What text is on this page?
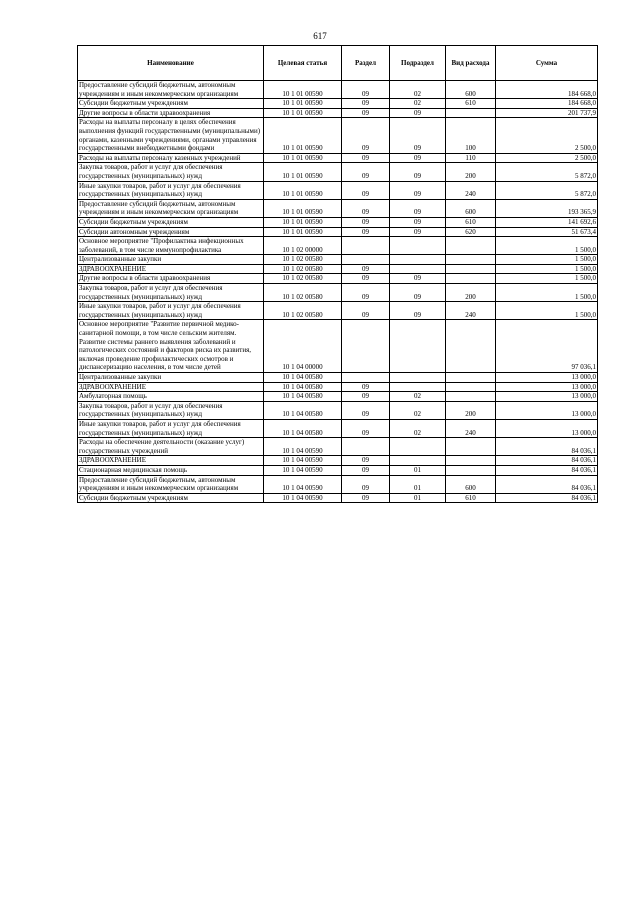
617
Наименование	Целевая статья	Раздел	Подраздел	Вид расхода	Сумма
Предоставление субсидий бюджетным, автономным учреждениям и иным некоммерческим организациям	10 1 01 00590	09	02	600	184 668,0
Субсидии бюджетным учреждениям	10 1 01 00590	09	02	610	184 668,0
Другие вопросы в области здравоохранения	10 1 01 00590	09	09		201 737,9
Расходы на выплаты персоналу в целях обеспечения выполнения функций государственными (муниципальными) органами, казенными учреждениями, органами управления государственными внебюджетными фондами	10 1 01 00590	09	09	100	2 500,0
Расходы на выплаты персоналу казенных учреждений	10 1 01 00590	09	09	110	2 500,0
Закупка товаров, работ и услуг для обеспечения государственных (муниципальных) нужд	10 1 01 00590	09	09	200	5 872,0
Иные закупки товаров, работ и услуг для обеспечения государственных (муниципальных) нужд	10 1 01 00590	09	09	240	5 872,0
Предоставление субсидий бюджетным, автономным учреждениям и иным некоммерческим организациям	10 1 01 00590	09	09	600	193 365,9
Субсидии бюджетным учреждениям	10 1 01 00590	09	09	610	141 692,6
Субсидии автономным учреждениям	10 1 01 00590	09	09	620	51 673,4
Основное мероприятие "Профилактика инфекционных заболеваний, в том числе иммунопрофилактика	10 1 02 00000				1 500,0
Централизованные закупки	10 1 02 00580				1 500,0
ЗДРАВООХРАНЕНИЕ	10 1 02 00580	09			1 500,0
Другие вопросы в области здравоохранения	10 1 02 00580	09	09		1 500,0
Закупка товаров, работ и услуг для обеспечения государственных (муниципальных) нужд	10 1 02 00580	09	09	200	1 500,0
Иные закупки товаров, работ и услуг для обеспечения государственных (муниципальных) нужд	10 1 02 00580	09	09	240	1 500,0
Основное мероприятие "Развитие первичной медико-санитарной помощи, в том числе сельским жителям. Развитие системы раннего выявления заболеваний и патологических состояний и факторов риска их развития, включая проведение профилактических осмотров и диспансеризацию населения, в том числе детей	10 1 04 00000				97 036,1
Централизованные закупки	10 1 04 00580				13 000,0
ЗДРАВООХРАНЕНИЕ	10 1 04 00580	09			13 000,0
Амбулаторная помощь	10 1 04 00580	09	02		13 000,0
Закупка товаров, работ и услуг для обеспечения государственных (муниципальных) нужд	10 1 04 00580	09	02	200	13 000,0
Иные закупки товаров, работ и услуг для обеспечения государственных (муниципальных) нужд	10 1 04 00580	09	02	240	13 000,0
Расходы на обеспечение деятельности (оказание услуг) государственных учреждений	10 1 04 00590				84 036,1
ЗДРАВООХРАНЕНИЕ	10 1 04 00590	09			84 036,1
Стационарная медицинская помощь	10 1 04 00590	09	01		84 036,1
Предоставление субсидий бюджетным, автономным учреждениям и иным некоммерческим организациям	10 1 04 00590	09	01	600	84 036,1
Субсидии бюджетным учреждениям	10 1 04 00590	09	01	610	84 036,1
